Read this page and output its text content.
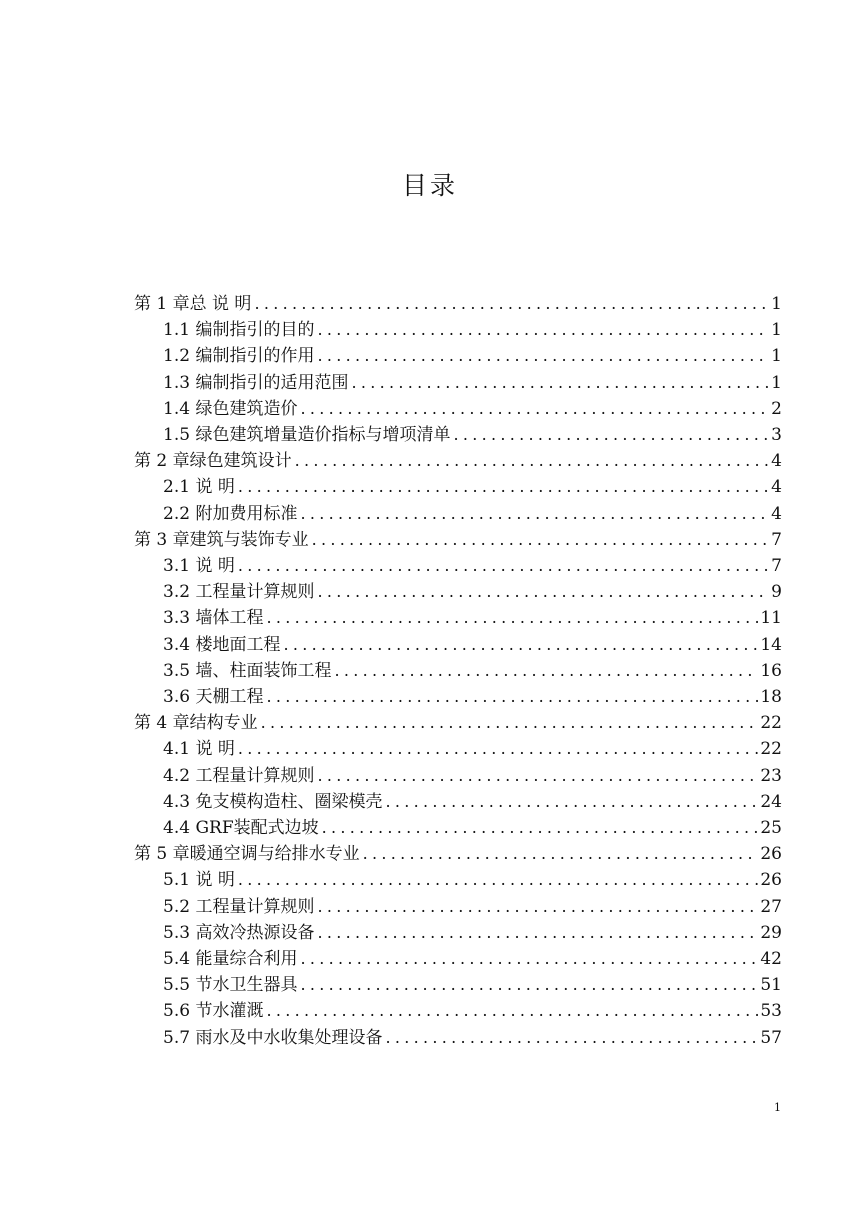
目录
第 1 章总 说 明 .....	1
1.1 编制指引的目的 .....	1
1.2 编制指引的作用 .....	1
1.3 编制指引的适用范围 .....	1
1.4 绿色建筑造价 .....	2
1.5 绿色建筑增量造价指标与增项清单 .....	3
第 2 章绿色建筑设计 .....	4
2.1 说 明 .....	4
2.2 附加费用标准 .....	4
第 3 章建筑与装饰专业 .....	7
3.1 说 明 .....	7
3.2 工程量计算规则 .....	9
3.3 墙体工程 .....	11
3.4 楼地面工程 .....	14
3.5 墙、柱面装饰工程 .....	16
3.6 天棚工程 .....	18
第 4 章结构专业 .....	22
4.1 说 明 .....	22
4.2 工程量计算规则 .....	23
4.3 免支模构造柱、圈梁模壳 .....	24
4.4 GRF装配式边坡 .....	25
第 5 章暖通空调与给排水专业 .....	26
5.1 说 明 .....	26
5.2 工程量计算规则 .....	27
5.3 高效冷热源设备 .....	29
5.4 能量综合利用 .....	42
5.5 节水卫生器具 .....	51
5.6 节水灌溉 .....	53
5.7 雨水及中水收集处理设备 .....	57
1
